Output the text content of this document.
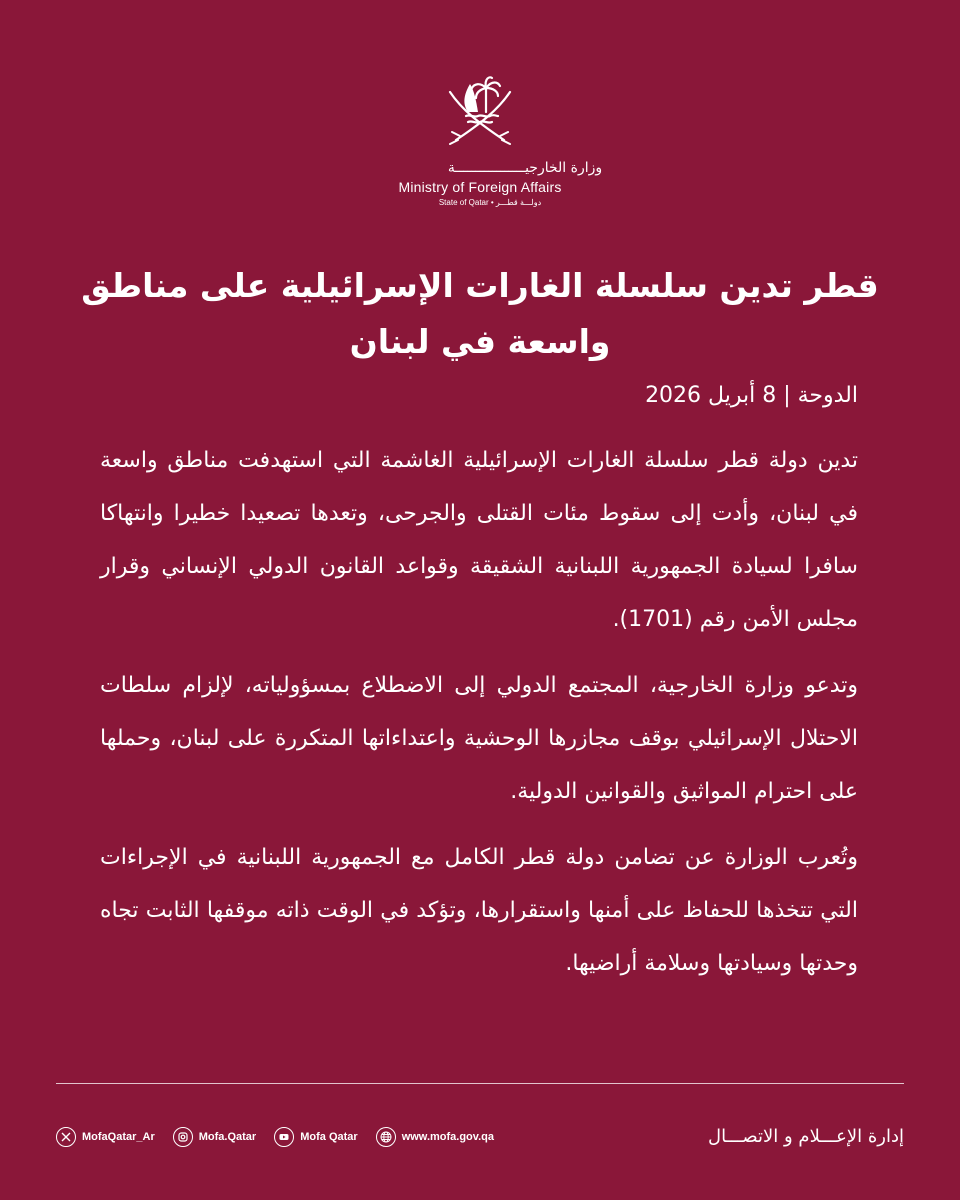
وزارة الخارجيـــــــــــــــــة
Ministry of Foreign Affairs
State of Qatar • دولـــة قطـــر
قطر تدين سلسلة الغارات الإسرائيلية على مناطق واسعة في لبنان
الدوحة | 8 أبريل 2026

تدين دولة قطر سلسلة الغارات الإسرائيلية الغاشمة التي استهدفت مناطق واسعة في لبنان، وأدت إلى سقوط مئات القتلى والجرحى، وتعدها تصعيدا خطيرا وانتهاكا سافرا لسيادة الجمهورية اللبنانية الشقيقة وقواعد القانون الدولي الإنساني وقرار مجلس الأمن رقم (1701).

وتدعو وزارة الخارجية، المجتمع الدولي إلى الاضطلاع بمسؤولياته، لإلزام سلطات الاحتلال الإسرائيلي بوقف مجازرها الوحشية واعتداءاتها المتكررة على لبنان، وحملها على احترام المواثيق والقوانين الدولية.

وتُعرب الوزارة عن تضامن دولة قطر الكامل مع الجمهورية اللبنانية في الإجراءات التي تتخذها للحفاظ على أمنها واستقرارها، وتؤكد في الوقت ذاته موقفها الثابت تجاه وحدتها وسيادتها وسلامة أراضيها.

MofaQatar_Ar	Mofa.Qatar	Mofa Qatar	www.mofa.gov.qa	إدارة الإعـــلام و الاتصـــال
